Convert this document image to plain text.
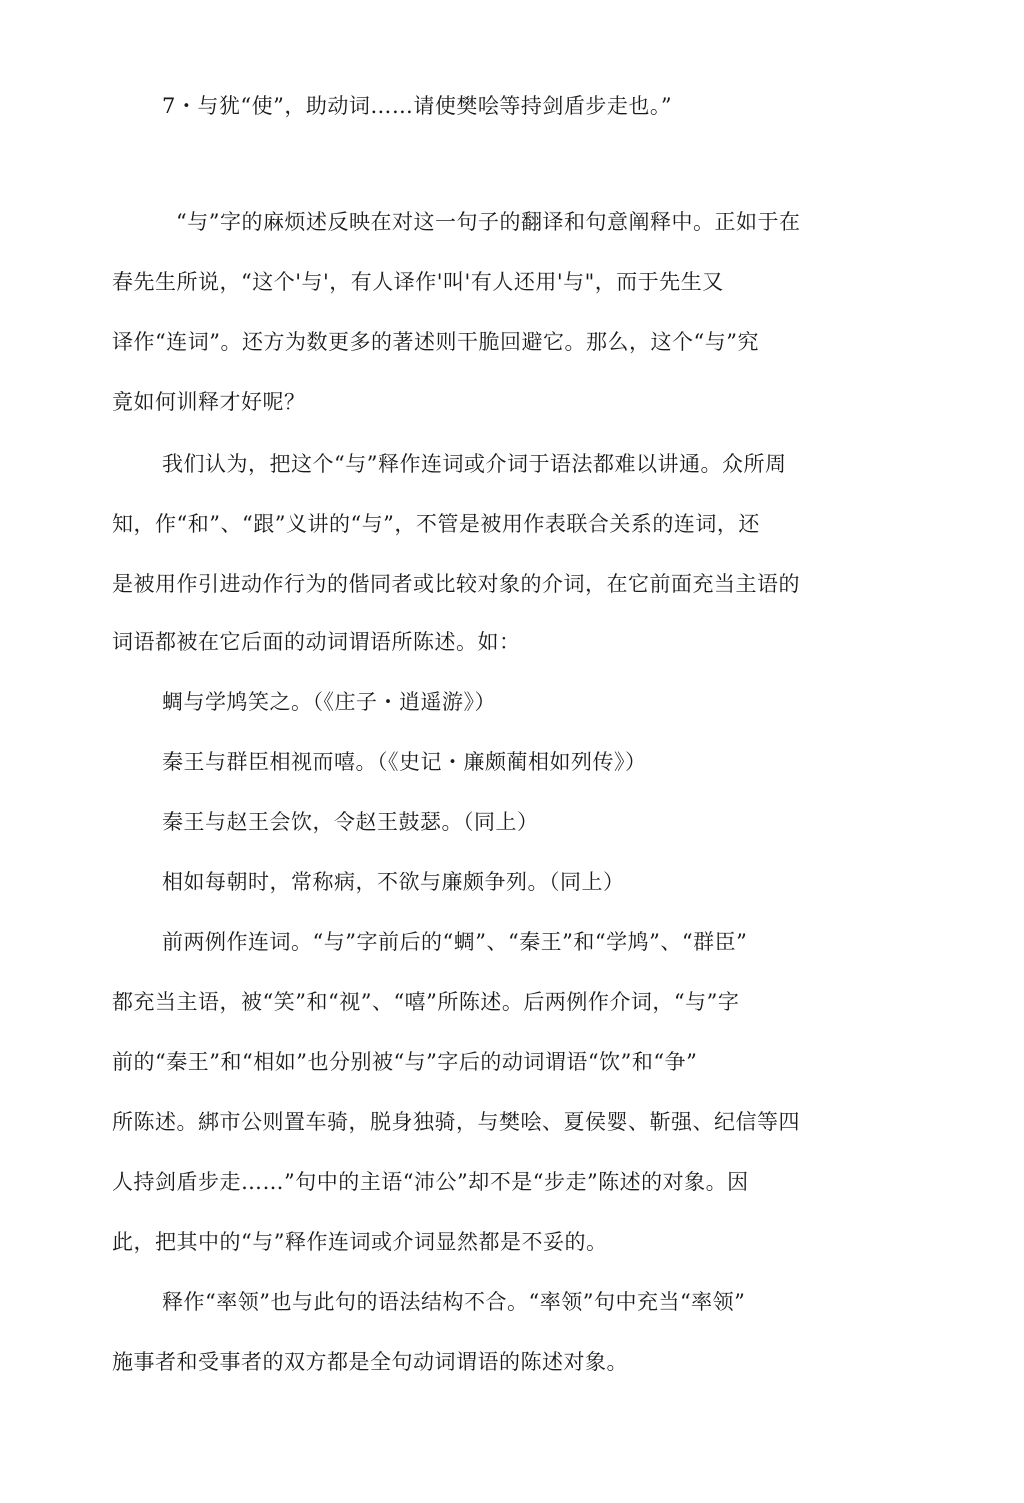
7・与犹“使”，助动词……请使樊哙等持剑盾步走也。”
“与”字的麻烦述反映在对这一句子的翻译和句意阐释中。正如于在
春先生所说，“这个'与'，有人译作'叫'有人还用'与"，而于先生又
译作“连词”。还方为数更多的著述则干脆回避它。那么，这个“与”究
竟如何训释才好呢？
我们认为，把这个“与”释作连词或介词于语法都难以讲通。众所周
知，作“和”、“跟”义讲的“与”，不管是被用作表联合关系的连词，还
是被用作引进动作行为的偕同者或比较对象的介词，在它前面充当主语的
词语都被在它后面的动词谓语所陈述。如：
蜩与学鸠笑之。（《庄子・逍遥游》）
秦王与群臣相视而嘻。（《史记・廉颇蔺相如列传》）
秦王与赵王会饮，令赵王鼓瑟。（同上）
相如每朝时，常称病，不欲与廉颇争列。（同上）
前两例作连词。“与”字前后的“蜩”、“秦王”和“学鸠”、“群臣”
都充当主语，被“笑”和“视”、“嘻”所陈述。后两例作介词，“与”字
前的“秦王”和“相如”也分别被“与”字后的动词谓语“饮”和“争”
所陈述。綁市公则置车骑，脱身独骑，与樊哙、夏侯婴、靳强、纪信等四
人持剑盾步走……”句中的主语“沛公”却不是“步走”陈述的对象。因
此，把其中的“与”释作连词或介词显然都是不妥的。
释作“率领”也与此句的语法结构不合。“率领”句中充当“率领”
施事者和受事者的双方都是全句动词谓语的陈述对象。
